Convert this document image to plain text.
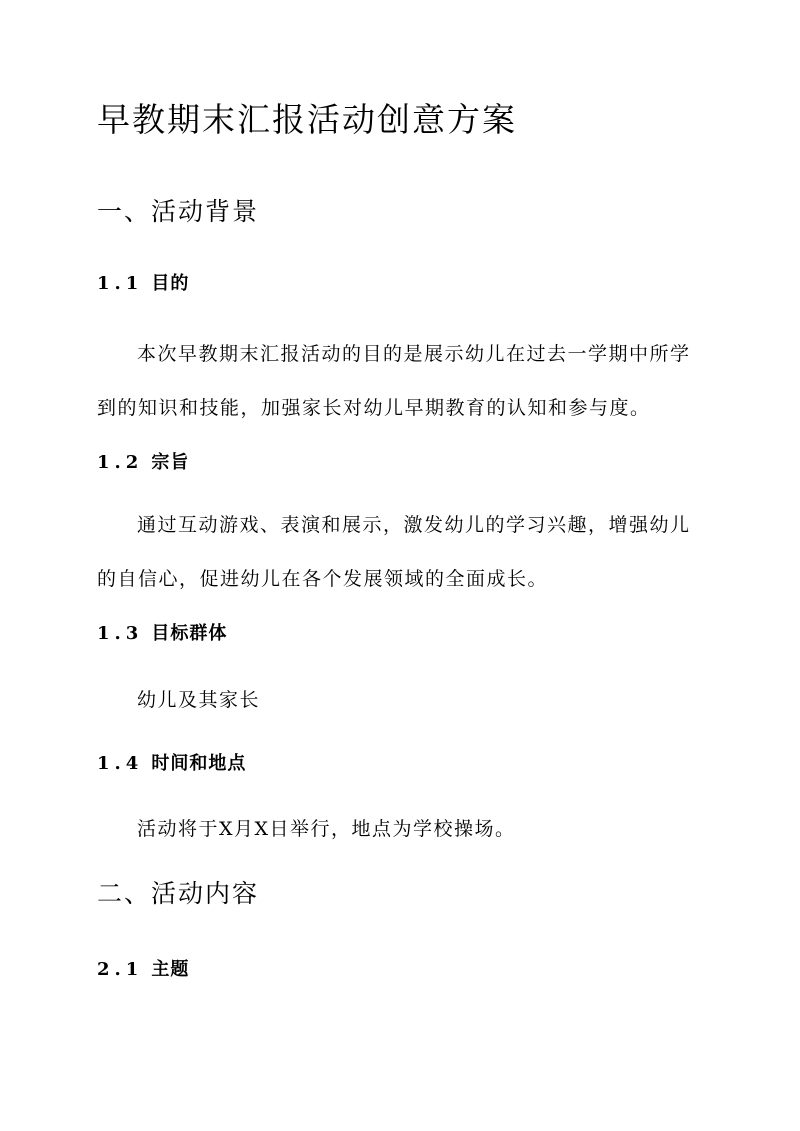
早教期末汇报活动创意方案
一、活动背景
1.1 目的
本次早教期末汇报活动的目的是展示幼儿在过去一学期中所学
到的知识和技能，加强家长对幼儿早期教育的认知和参与度。
1.2 宗旨
通过互动游戏、表演和展示，激发幼儿的学习兴趣，增强幼儿
的自信心，促进幼儿在各个发展领域的全面成长。
1.3 目标群体
幼儿及其家长
1.4 时间和地点
活动将于X月X日举行，地点为学校操场。
二、活动内容
2.1 主题
